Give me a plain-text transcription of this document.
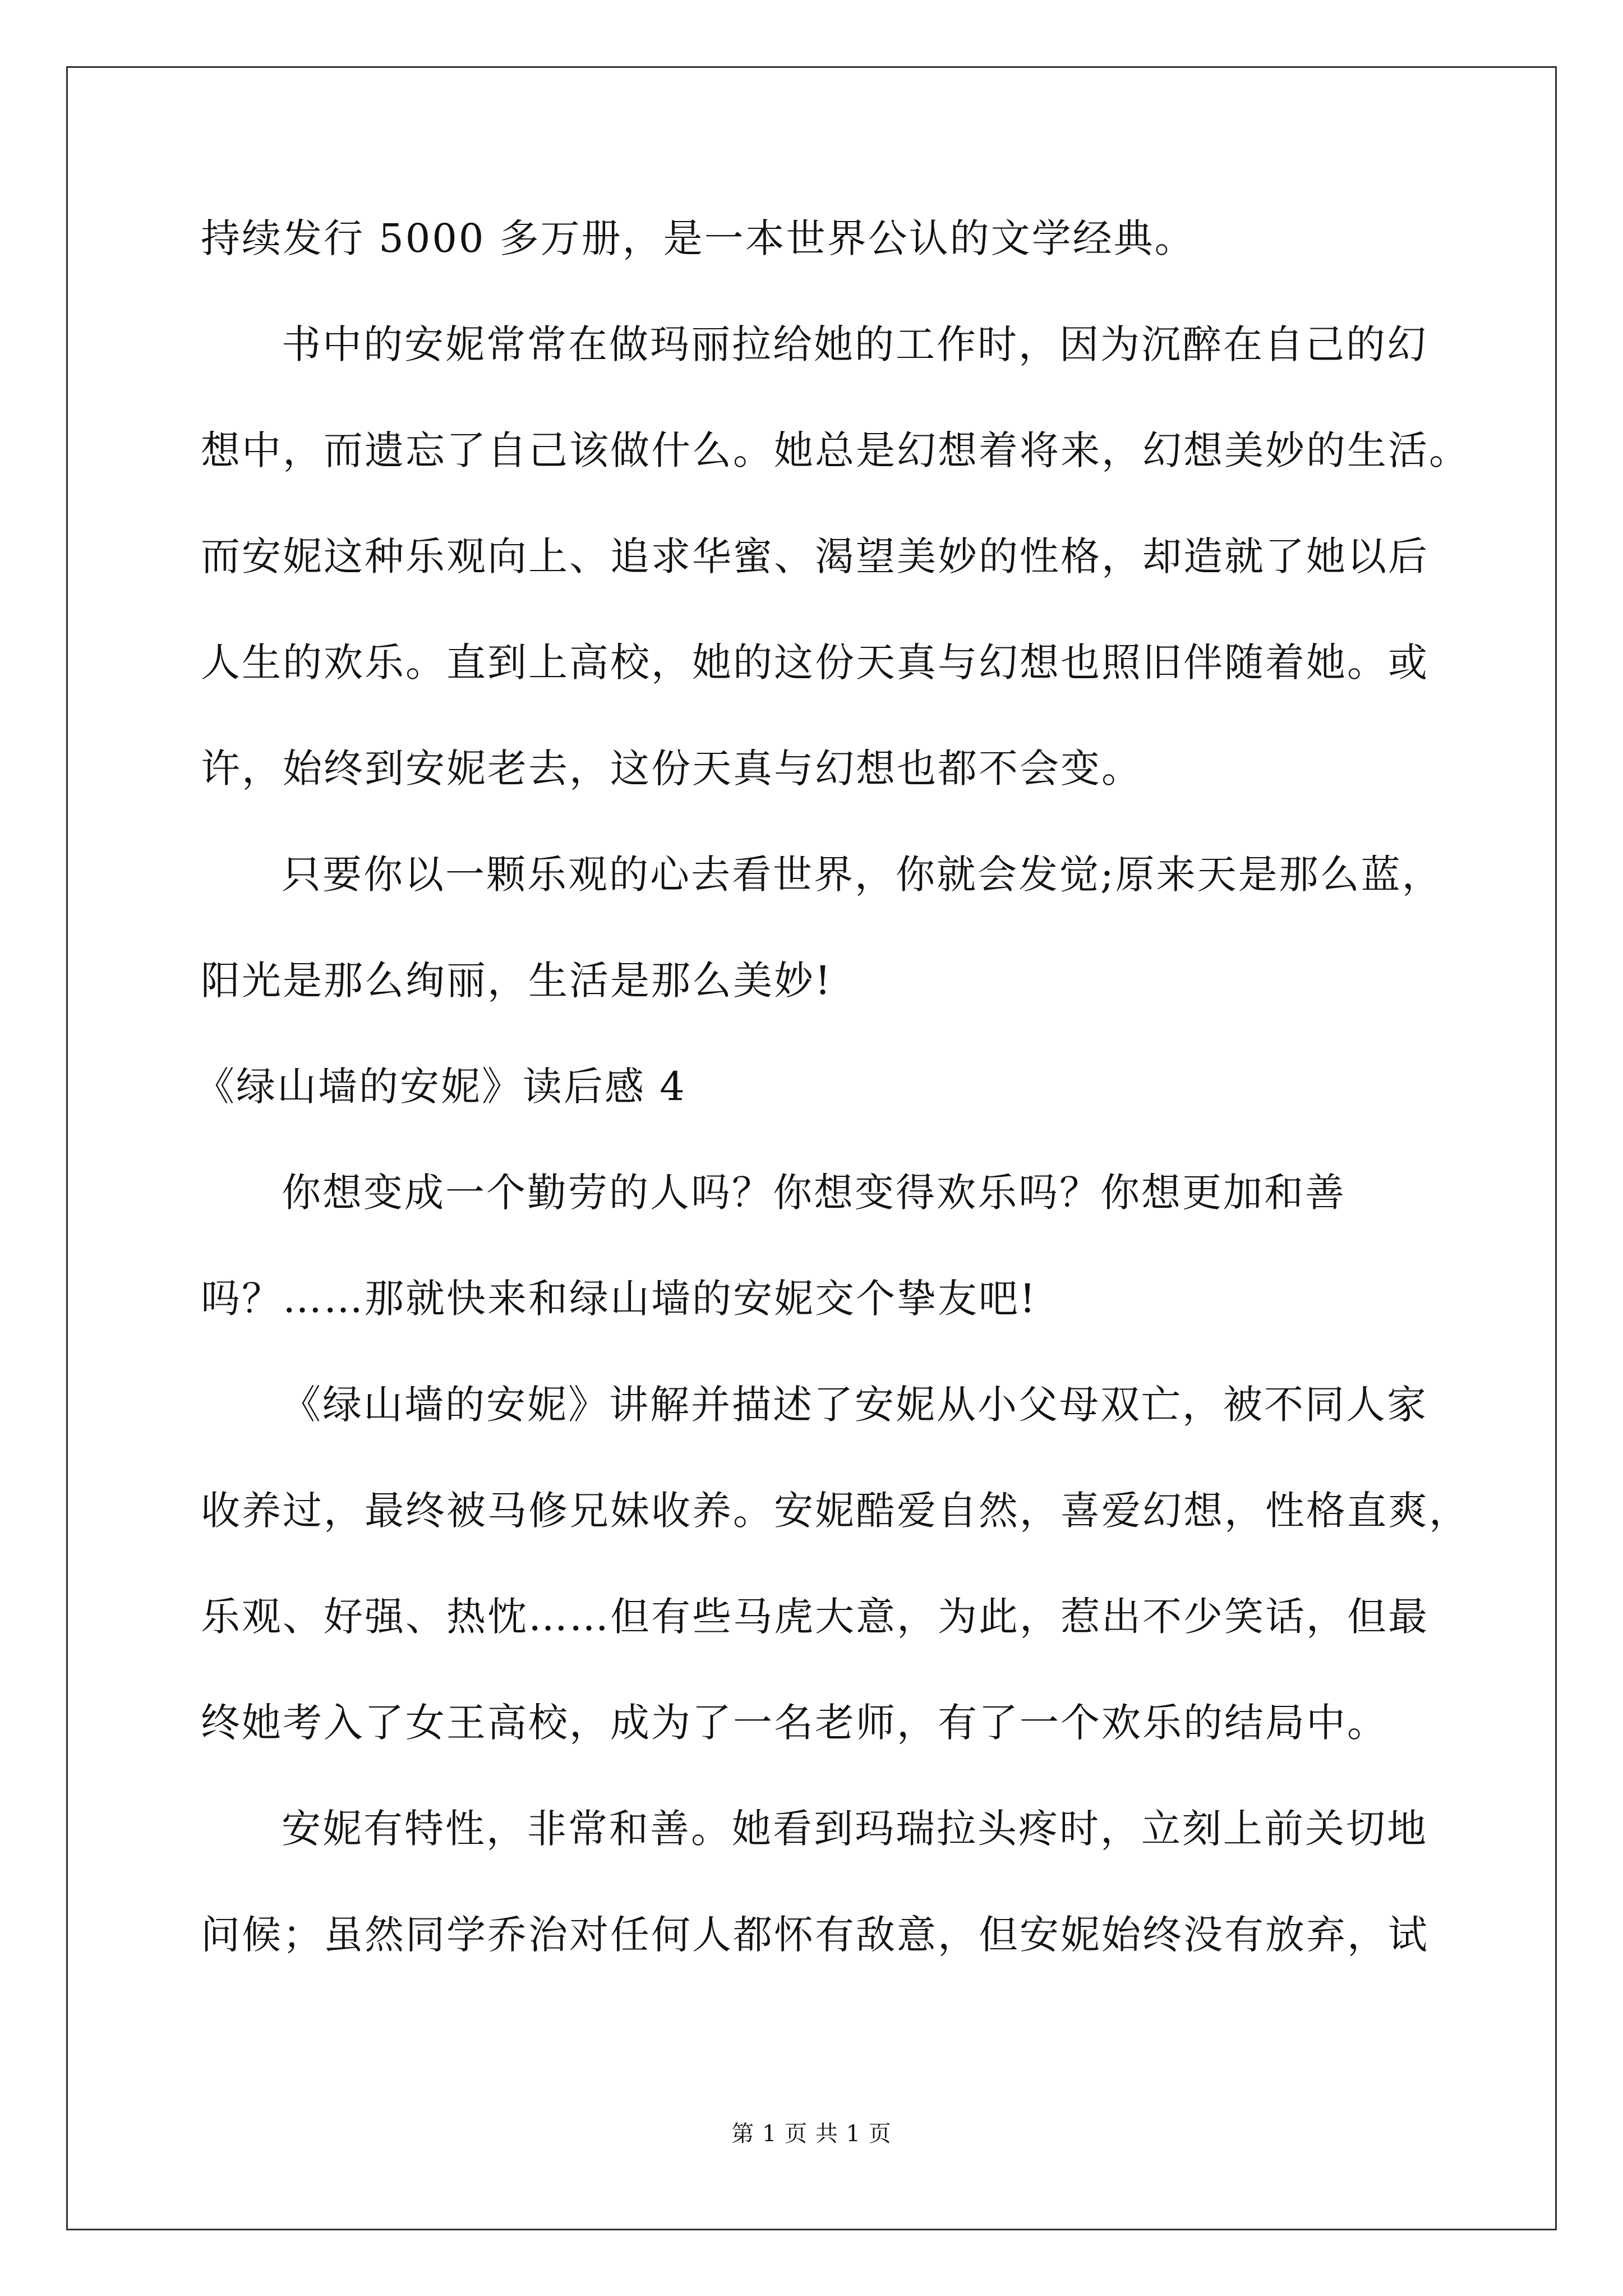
持续发行 5000 多万册，是一本世界公认的文学经典。
书中的安妮常常在做玛丽拉给她的工作时，因为沉醉在自己的幻
想中，而遗忘了自己该做什么。她总是幻想着将来，幻想美妙的生活。
而安妮这种乐观向上、追求华蜜、渴望美妙的性格，却造就了她以后
人生的欢乐。直到上高校，她的这份天真与幻想也照旧伴随着她。或
许，始终到安妮老去，这份天真与幻想也都不会变。
只要你以一颗乐观的心去看世界，你就会发觉;原来天是那么蓝，
阳光是那么绚丽，生活是那么美妙!
《绿山墙的安妮》读后感 4
你想变成一个勤劳的人吗？你想变得欢乐吗？你想更加和善
吗？……那就快来和绿山墙的安妮交个挚友吧!
《绿山墙的安妮》讲解并描述了安妮从小父母双亡，被不同人家
收养过，最终被马修兄妹收养。安妮酷爱自然，喜爱幻想，性格直爽，
乐观、好强、热忱……但有些马虎大意，为此，惹出不少笑话，但最
终她考入了女王高校，成为了一名老师，有了一个欢乐的结局中。
安妮有特性，非常和善。她看到玛瑞拉头疼时，立刻上前关切地
问候；虽然同学乔治对任何人都怀有敌意，但安妮始终没有放弃，试
第 1 页 共 1 页
